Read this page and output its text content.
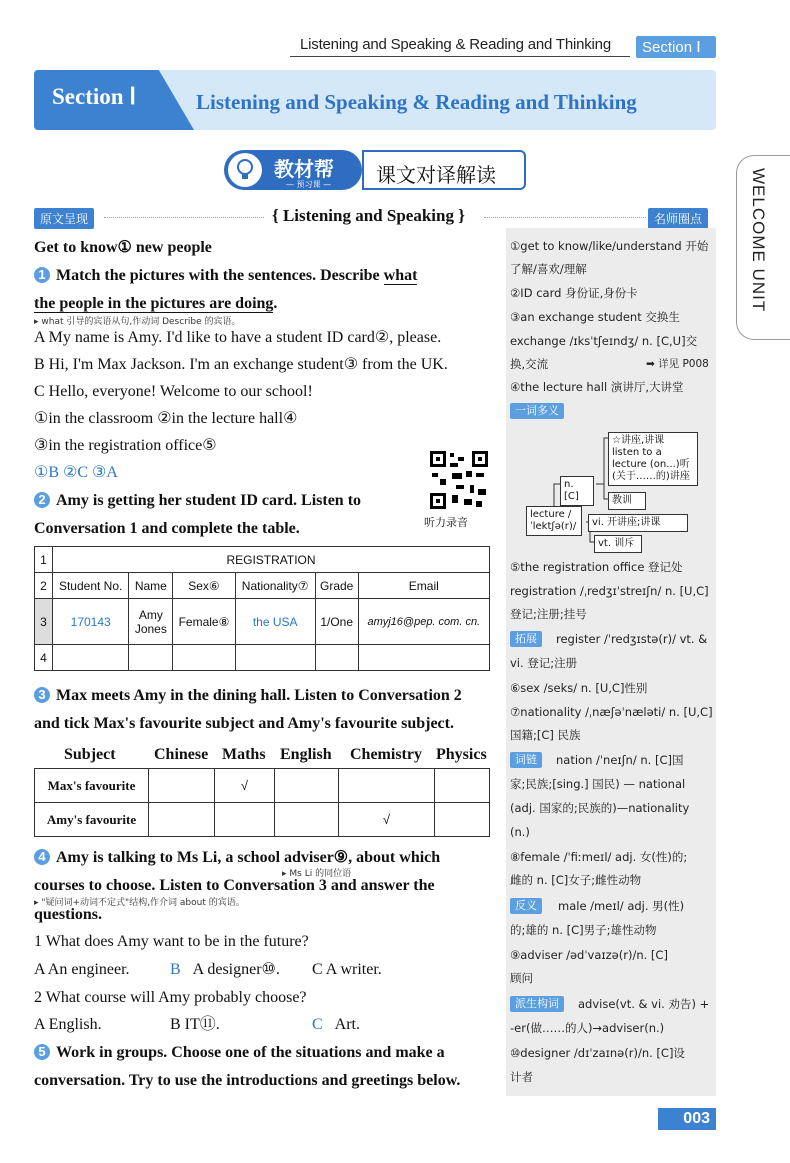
Listening and Speaking & Reading and Thinking	Section Ⅰ
Section Ⅰ	Listening and Speaking & Reading and Thinking
WELCOME UNIT
教材帮
— 预习课 —	课文对译解读
原文呈现	{ Listening and Speaking }	名师圈点
Get to know① new people
1 Match the pictures with the sentences. Describe what
the people in the pictures are doing.
▸ what 引导的宾语从句,作动词 Describe 的宾语。
A My name is Amy. I'd like to have a student ID card②, please.
B Hi, I'm Max Jackson. I'm an exchange student③ from the UK.
C Hello, everyone! Welcome to our school!
①in the classroom ②in the lecture hall④
③in the registration office⑤
①B ②C ③A
听力录音
2 Amy is getting her student ID card. Listen to
Conversation 1 and complete the table.
1	REGISTRATION					
2	Student No.	Name	Sex⑥	Nationality⑦	Grade	Email
3	170143	Amy Jones	Female⑧	the USA	1/One	amyj16@pep. com. cn.
4						
3 Max meets Amy in the dining hall. Listen to Conversation 2
and tick Max's favourite subject and Amy's favourite subject.
Subject Chinese Maths English Chemistry Physics
Max's favourite		√			
Amy's favourite				√	
4 Amy is talking to Ms Li, a school adviser⑨, about which
▸ Ms Li 的同位语
courses to choose. Listen to Conversation 3 and answer the
▸ "疑问词+动词不定式"结构,作介词 about 的宾语。
questions.
1 What does Amy want to be in the future?
A An engineer.	B A designer⑩. C A writer.
2 What course will Amy probably choose?
A English.	B IT⑪.	C Art.
5 Work in groups. Choose one of the situations and make a
conversation. Try to use the introductions and greetings below.
①get to know/like/understand 开始
了解/喜欢/理解
②ID card 身份证,身份卡
③an exchange student 交换生
exchange /ɪksˈtʃeɪndʒ/ n. [C,U]交
换,交流	➡ 详见 P008
④the lecture hall 演讲厅,大讲堂
一词多义
lecture /ˈlektʃə(r)/
n. [C]
☆讲座,讲课 listen to a lecture (on...)听(关于……的)讲座
教训
vi. 开讲座;讲课
vt. 训斥
⑤the registration office 登记处
registration /ˌredʒɪˈstreɪʃn/ n. [U,C]
登记;注册;挂号
拓展	register /ˈredʒɪstə(r)/ vt. &
vi. 登记;注册
⑥sex /seks/ n. [U,C]性别
⑦nationality /ˌnæʃəˈnæləti/ n. [U,C]
国籍;[C] 民族
词链	nation /ˈneɪʃn/ n. [C]国
家;民族;[sing.] 国民) — national
(adj. 国家的;民族的)—nationality
(n.)
⑧female /ˈfiːmeɪl/ adj. 女(性)的;
雌的 n. [C]女子;雌性动物
反义	male /meɪl/ adj. 男(性)
的;雄的 n. [C]男子;雄性动物
⑨adviser /ədˈvaɪzə(r)/n. [C]
顾问
派生构词	advise(vt. & vi. 劝告) +
-er(做……的人)→adviser(n.)
⑩designer /dɪˈzaɪnə(r)/n. [C]设
计者
003
